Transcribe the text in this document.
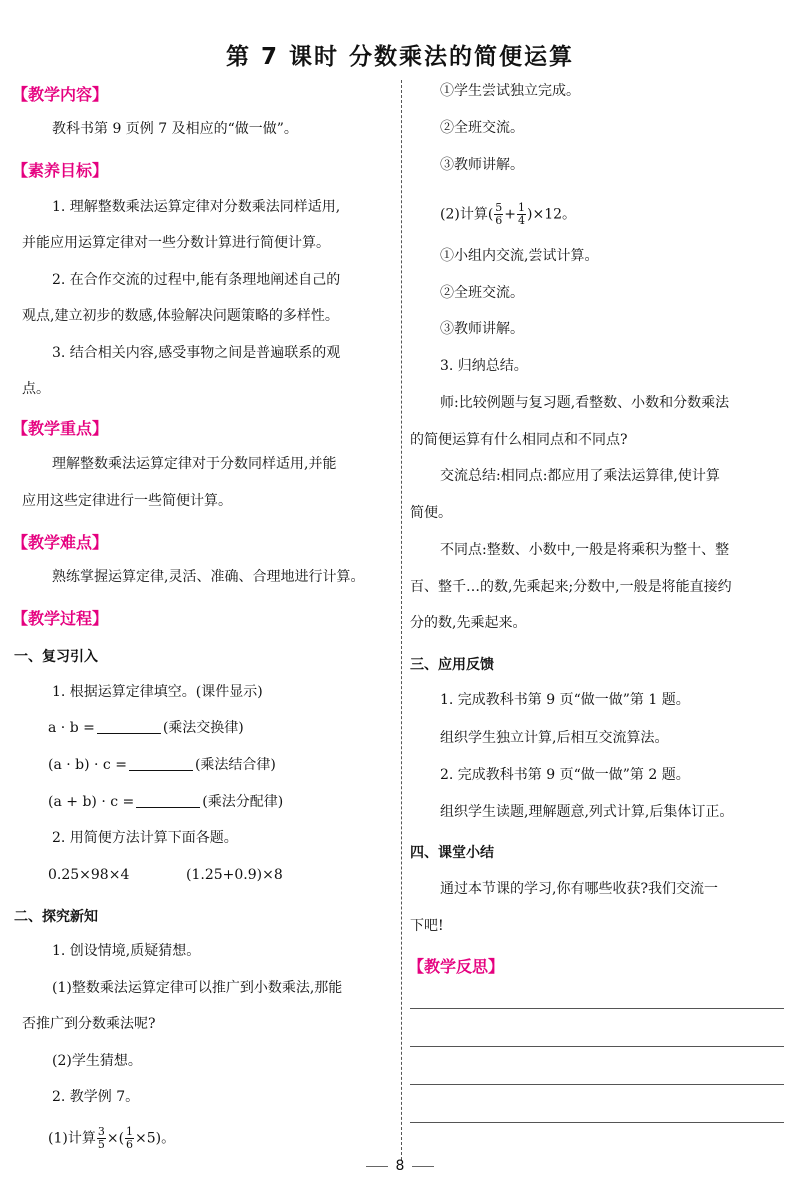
第 7 课时 分数乘法的简便运算
【教学内容】
教科书第 9 页例 7 及相应的“做一做”。
【素养目标】
1. 理解整数乘法运算定律对分数乘法同样适用,
并能应用运算定律对一些分数计算进行简便计算。
2. 在合作交流的过程中,能有条理地阐述自己的
观点,建立初步的数感,体验解决问题策略的多样性。
3. 结合相关内容,感受事物之间是普遍联系的观
点。
【教学重点】
理解整数乘法运算定律对于分数同样适用,并能
应用这些定律进行一些简便计算。
【教学难点】
熟练掌握运算定律,灵活、准确、合理地进行计算。
【教学过程】
一、复习引入
1. 根据运算定律填空。(课件显示)
a · b =	(乘法交换律)
(a · b) · c =	(乘法结合律)
(a + b) · c =	(乘法分配律)
2. 用简便方法计算下面各题。
0.25×98×4	(1.25+0.9)×8
二、探究新知
1. 创设情境,质疑猜想。
(1)整数乘法运算定律可以推广到小数乘法,那能
否推广到分数乘法呢?
(2)学生猜想。
2. 教学例 7。
(1)计算 $\frac{3}{5}$ ×( $\frac{1}{6} \times 5$)。
①学生尝试独立完成。
②全班交流。
③教师讲解。
(2)计算( $\frac{5}{6} + \frac{1}{4} )\times 12$。
①小组内交流,尝试计算。
②全班交流。
③教师讲解。
3. 归纳总结。
师:比较例题与复习题,看整数、小数和分数乘法
的简便运算有什么相同点和不同点?
交流总结:相同点:都应用了乘法运算律,使计算
简便。
不同点:整数、小数中,一般是将乘积为整十、整
百、整千…的数,先乘起来;分数中,一般是将能直接约
分的数,先乘起来。
三、应用反馈
1. 完成教科书第 9 页“做一做”第 1 题。
组织学生独立计算,后相互交流算法。
2. 完成教科书第 9 页“做一做”第 2 题。
组织学生读题,理解题意,列式计算,后集体订正。
四、课堂小结
通过本节课的学习,你有哪些收获?我们交流一
下吧!
【教学反思】
8
